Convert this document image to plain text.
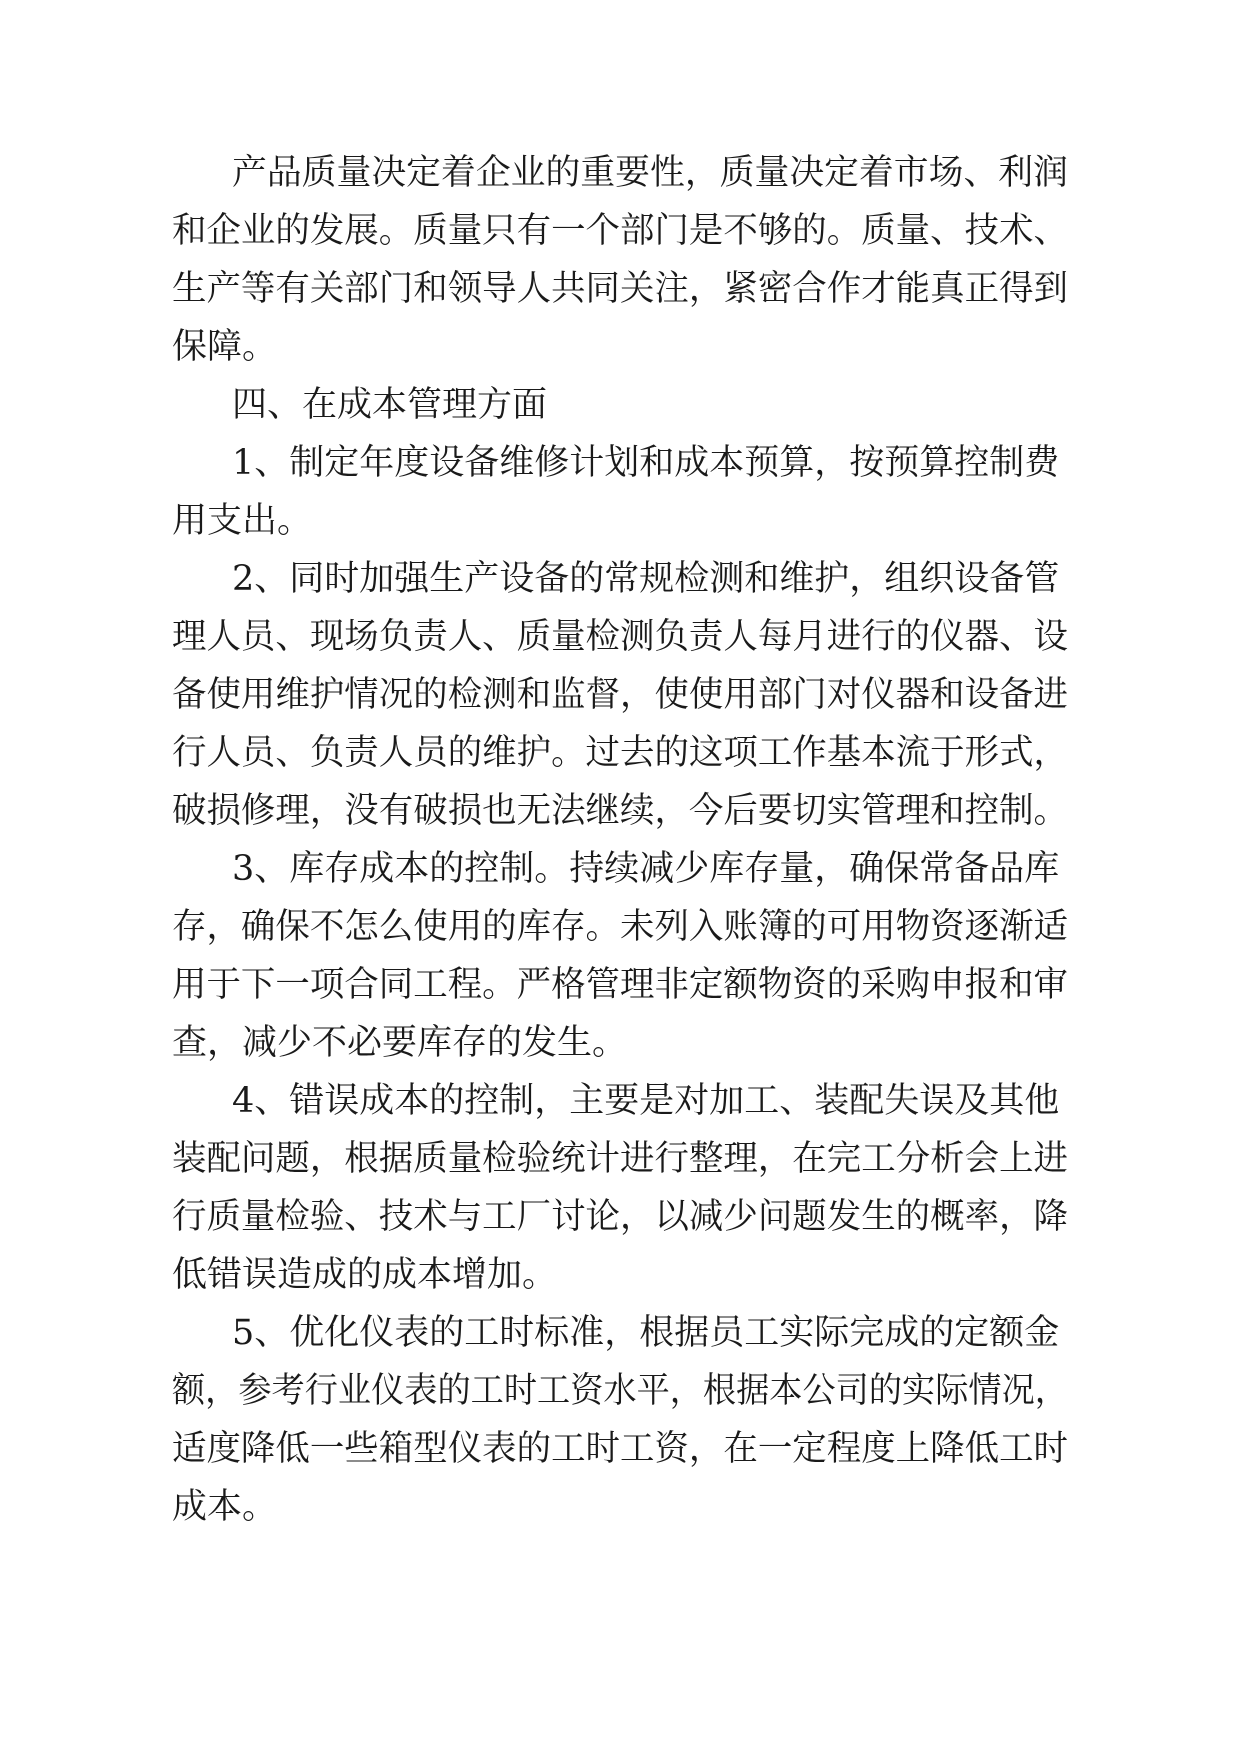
产品质量决定着企业的重要性，质量决定着市场、利润
和企业的发展。质量只有一个部门是不够的。质量、技术、
生产等有关部门和领导人共同关注，紧密合作才能真正得到
保障。
四、在成本管理方面
1、制定年度设备维修计划和成本预算，按预算控制费
用支出。
2、同时加强生产设备的常规检测和维护，组织设备管
理人员、现场负责人、质量检测负责人每月进行的仪器、设
备使用维护情况的检测和监督，使使用部门对仪器和设备进
行人员、负责人员的维护。过去的这项工作基本流于形式，
破损修理，没有破损也无法继续，今后要切实管理和控制。
3、库存成本的控制。持续减少库存量，确保常备品库
存，确保不怎么使用的库存。未列入账簿的可用物资逐渐适
用于下一项合同工程。严格管理非定额物资的采购申报和审
查，减少不必要库存的发生。
4、错误成本的控制，主要是对加工、装配失误及其他
装配问题，根据质量检验统计进行整理，在完工分析会上进
行质量检验、技术与工厂讨论，以减少问题发生的概率，降
低错误造成的成本增加。
5、优化仪表的工时标准，根据员工实际完成的定额金
额，参考行业仪表的工时工资水平，根据本公司的实际情况，
适度降低一些箱型仪表的工时工资，在一定程度上降低工时
成本。
